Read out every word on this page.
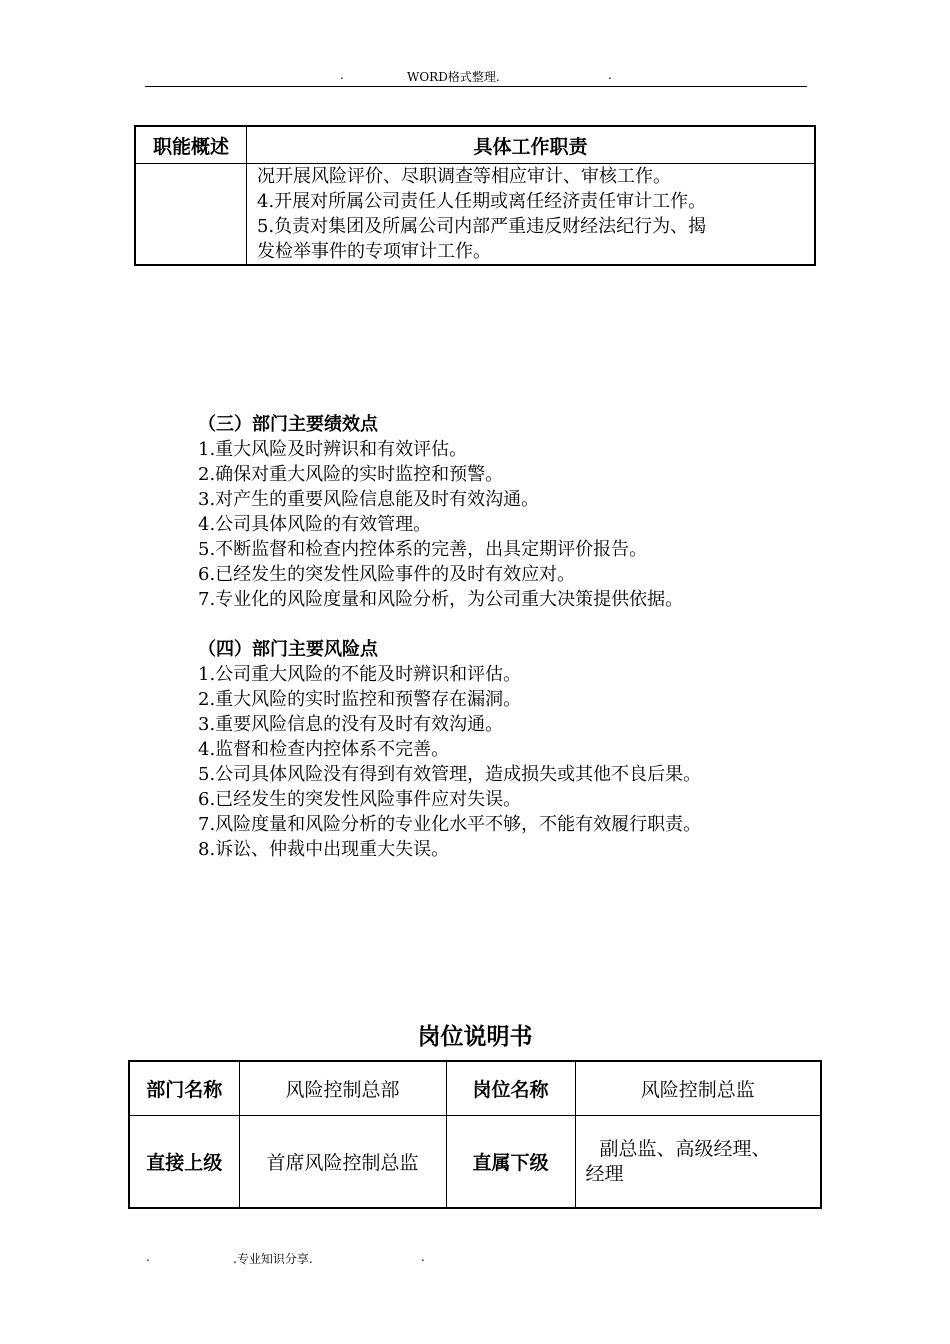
.	WORD格式整理.	.
职能概述	具体工作职责

	况开展风险评价、尽职调查等相应审计、审核工作。

4.开展对所属公司责任人任期或离任经济责任审计工作。

5.负责对集团及所属公司内部严重违反财经法纪行为、揭

发检举事件的专项审计工作。

（三）部门主要绩效点

1.重大风险及时辨识和有效评估。

2.确保对重大风险的实时监控和预警。

3.对产生的重要风险信息能及时有效沟通。

4.公司具体风险的有效管理。

5.不断监督和检查内控体系的完善，出具定期评价报告。

6.已经发生的突发性风险事件的及时有效应对。

7.专业化的风险度量和风险分析，为公司重大决策提供依据。

（四）部门主要风险点

1.公司重大风险的不能及时辨识和评估。

2.重大风险的实时监控和预警存在漏洞。

3.重要风险信息的没有及时有效沟通。

4.监督和检查内控体系不完善。

5.公司具体风险没有得到有效管理，造成损失或其他不良后果。

6.已经发生的突发性风险事件应对失误。

7.风险度量和风险分析的专业化水平不够，不能有效履行职责。

8.诉讼、仲裁中出现重大失误。

岗位说明书
部门名称	风险控制总部	岗位名称	风险控制总监
直接上级	首席风险控制总监	直属下级	副总监、高级经理、
经理
.	.专业知识分享.	.
